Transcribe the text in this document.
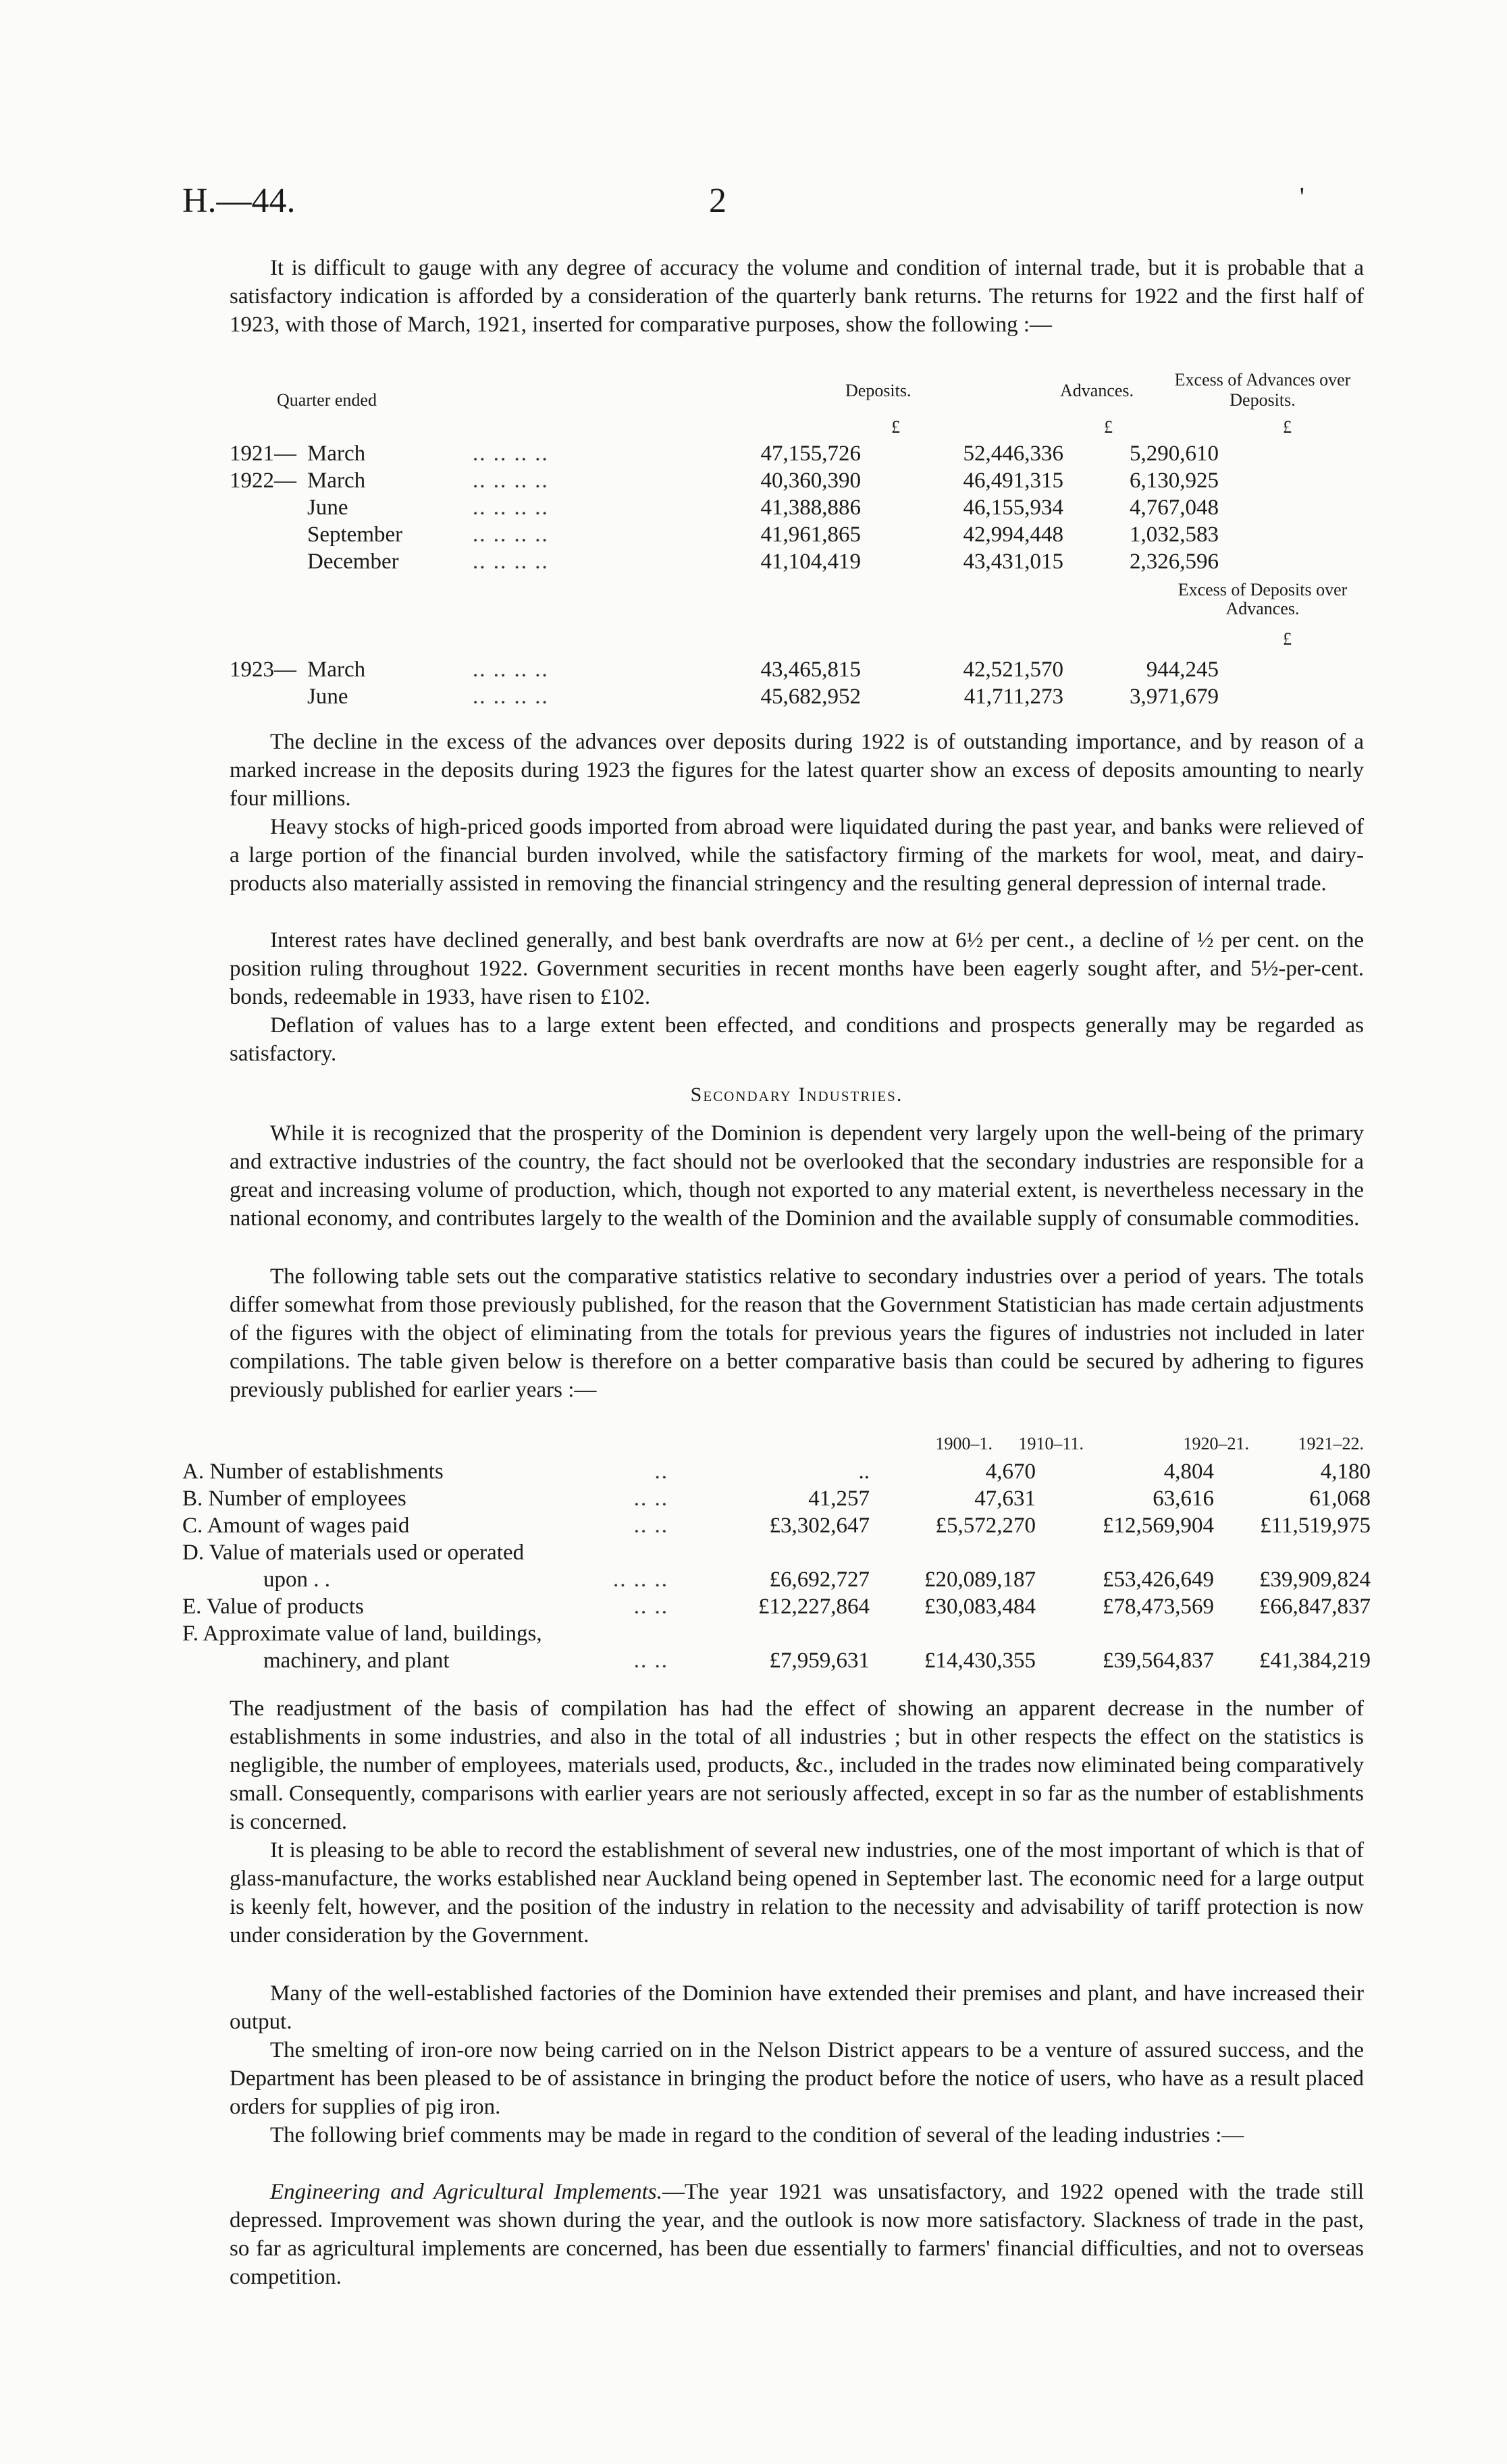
H.—44.	2	'

It is difficult to gauge with any degree of accuracy the volume and condition of internal trade, but it is probable that a satisfactory indication is afforded by a consideration of the quarterly bank returns. The returns for 1922 and the first half of 1923, with those of March, 1921, inserted for comparative purposes, show the following :—

Quarter ended	Deposits.	Advances.
Excess of Advances over Deposits.
£	£	£
1921— March	.. .. .. ..	47,155,726	52,446,336	5,290,610
1922— March	.. .. .. ..	40,360,390	46,491,315	6,130,925
June	.. .. .. ..	41,388,886	46,155,934	4,767,048
September	.. .. .. ..	41,961,865	42,994,448	1,032,583
December	.. .. .. ..	41,104,419	43,431,015	2,326,596
Excess of Deposits over Advances.
£
1923— March	.. .. .. ..	43,465,815	42,521,570	944,245
June	.. .. .. ..	45,682,952	41,711,273	3,971,679

The decline in the excess of the advances over deposits during 1922 is of outstanding importance, and by reason of a marked increase in the deposits during 1923 the figures for the latest quarter show an excess of deposits amounting to nearly four millions.

Heavy stocks of high-priced goods imported from abroad were liquidated during the past year, and banks were relieved of a large portion of the financial burden involved, while the satisfactory firming of the markets for wool, meat, and dairy-products also materially assisted in removing the financial stringency and the resulting general depression of internal trade.

Interest rates have declined generally, and best bank overdrafts are now at 6½ per cent., a decline of ½ per cent. on the position ruling throughout 1922. Government securities in recent months have been eagerly sought after, and 5½-per-cent. bonds, redeemable in 1933, have risen to £102.

Deflation of values has to a large extent been effected, and conditions and prospects generally may be regarded as satisfactory.

Secondary Industries.

While it is recognized that the prosperity of the Dominion is dependent very largely upon the well-being of the primary and extractive industries of the country, the fact should not be overlooked that the secondary industries are responsible for a great and increasing volume of production, which, though not exported to any material extent, is nevertheless necessary in the national economy, and contributes largely to the wealth of the Dominion and the available supply of consumable commodities.

The following table sets out the comparative statistics relative to secondary industries over a period of years. The totals differ somewhat from those previously published, for the reason that the Government Statistician has made certain adjustments of the figures with the object of eliminating from the totals for previous years the figures of industries not included in later compilations. The table given below is therefore on a better comparative basis than could be secured by adhering to figures previously published for earlier years :—

1900–1. 1910–11.	1920–21.	1921–22.
A. Number of establishments	..	..	4,670	4,804	4,180
B. Number of employees	.. ..	41,257	47,631	63,616	61,068
C. Amount of wages paid	.. ..	£3,302,647	£5,572,270	£12,569,904 £11,519,975
D. Value of materials used or operated
upon . .	.. .. ..	£6,692,727 £20,089,187	£53,426,649 £39,909,824
E. Value of products	.. ..	£12,227,864 £30,083,484	£78,473,569 £66,847,837
F. Approximate value of land, buildings,
machinery, and plant	.. ..	£7,959,631 £14,430,355	£39,564,837 £41,384,219

The readjustment of the basis of compilation has had the effect of showing an apparent decrease in the number of establishments in some industries, and also in the total of all industries ; but in other respects the effect on the statistics is negligible, the number of employees, materials used, products, &c., included in the trades now eliminated being comparatively small. Consequently, comparisons with earlier years are not seriously affected, except in so far as the number of establishments is concerned.

It is pleasing to be able to record the establishment of several new industries, one of the most important of which is that of glass-manufacture, the works established near Auckland being opened in September last. The economic need for a large output is keenly felt, however, and the position of the industry in relation to the necessity and advisability of tariff protection is now under consideration by the Government.

Many of the well-established factories of the Dominion have extended their premises and plant, and have increased their output.

The smelting of iron-ore now being carried on in the Nelson District appears to be a venture of assured success, and the Department has been pleased to be of assistance in bringing the product before the notice of users, who have as a result placed orders for supplies of pig iron.

The following brief comments may be made in regard to the condition of several of the leading industries :—

Engineering and Agricultural Implements.—The year 1921 was unsatisfactory, and 1922 opened with the trade still depressed. Improvement was shown during the year, and the outlook is now more satisfactory. Slackness of trade in the past, so far as agricultural implements are concerned, has been due essentially to farmers' financial difficulties, and not to overseas competition.
